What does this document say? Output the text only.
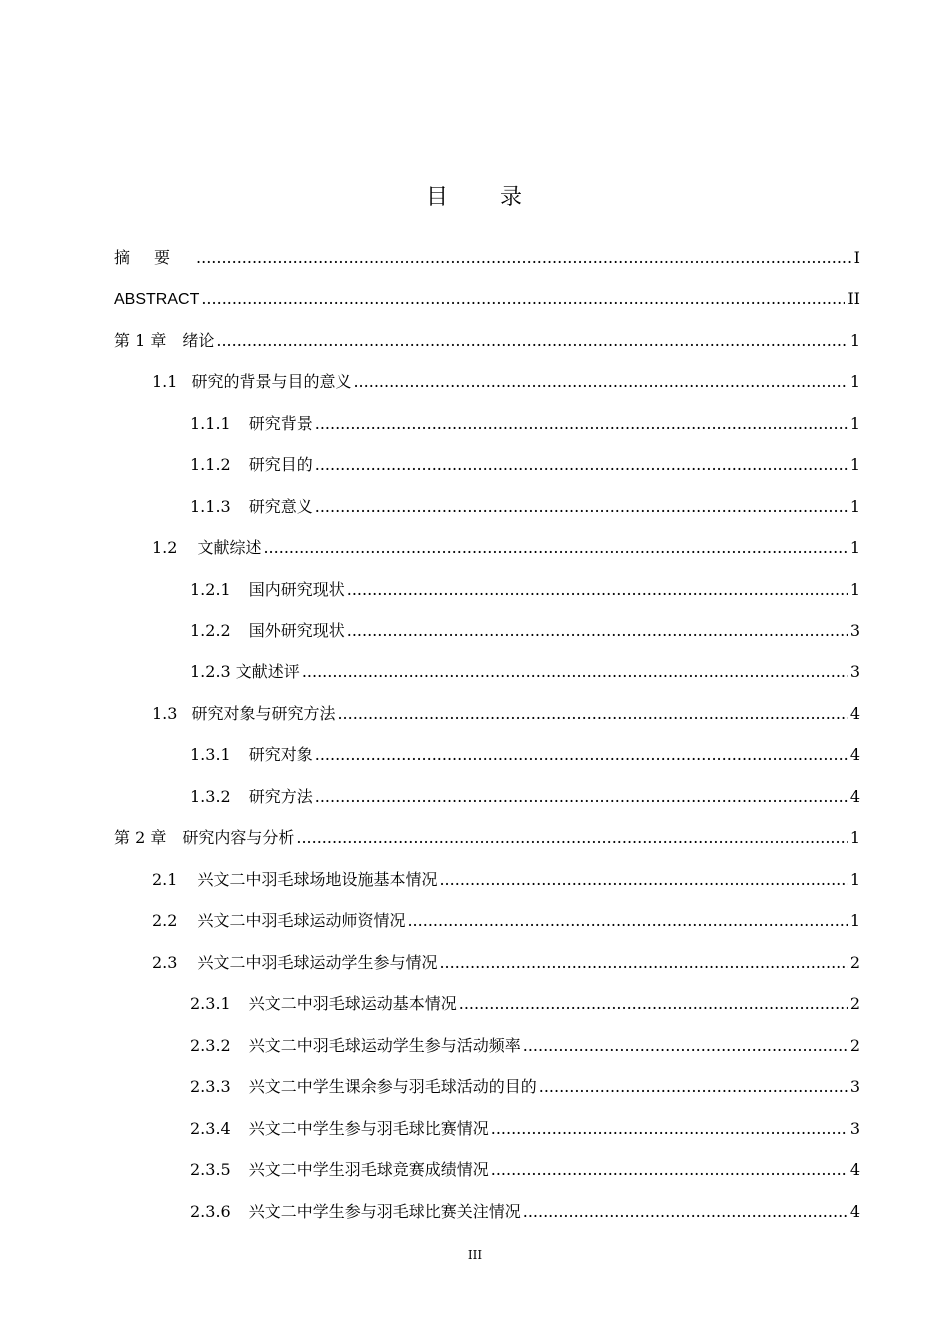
目 录
摘要 .....	I
ABSTRACT .....	II
第 1 章 绪论 .....	1
1.1 研究的背景与目的意义 .....	1
1.1.1 研究背景 .....	1
1.1.2 研究目的 .....	1
1.1.3 研究意义 .....	1
1.2 文献综述 .....	1
1.2.1 国内研究现状 .....	1
1.2.2 国外研究现状 .....	3
1.2.3 文献述评 .....	3
1.3 研究对象与研究方法 .....	4
1.3.1 研究对象 .....	4
1.3.2 研究方法 .....	4
第 2 章 研究内容与分析 .....	1
2.1 兴文二中羽毛球场地设施基本情况 .....	1
2.2 兴文二中羽毛球运动师资情况 .....	1
2.3 兴文二中羽毛球运动学生参与情况 .....	2
2.3.1 兴文二中羽毛球运动基本情况 .....	2
2.3.2 兴文二中羽毛球运动学生参与活动频率 .....	2
2.3.3 兴文二中学生课余参与羽毛球活动的目的 .....	3
2.3.4 兴文二中学生参与羽毛球比赛情况 .....	3
2.3.5 兴文二中学生羽毛球竞赛成绩情况 .....	4
2.3.6 兴文二中学生参与羽毛球比赛关注情况 .....	4
III
